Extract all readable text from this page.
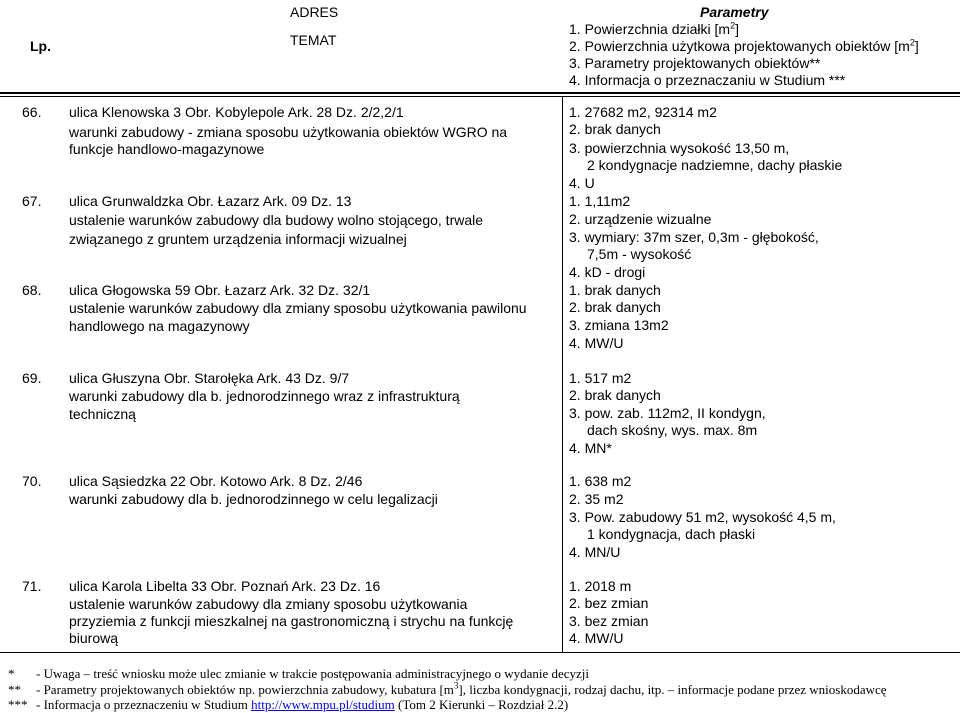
Lp.
ADRES
TEMAT
Parametry
1. Powierzchnia działki $[m^2]$
2. Powierzchnia użytkowa projektowanych obiektów $[m^2]$
3. Parametry projektowanych obiektów**
4. Informacja o przeznaczaniu w Studium ***
66. ulica Klenowska 3 Obr. Kobylepole Ark. 28 Dz. 2/2,2/1
warunki zabudowy - zmiana sposobu użytkowania obiektów WGRO na
funkcje handlowo-magazynowe
1. 27682 m2, 92314 m2
2. brak danych
3. powierzchnia wysokość 13,50 m,
2 kondygnacje nadziemne, dachy płaskie
4. U
67. ulica Grunwaldzka Obr. Łazarz Ark. 09 Dz. 13
ustalenie warunków zabudowy dla budowy wolno stojącego, trwale
związanego z gruntem urządzenia informacji wizualnej
1. 1,11m2
2. urządzenie wizualne
3. wymiary: 37m szer, 0,3m - głębokość,
7,5m - wysokość
4. kD - drogi
68. ulica Głogowska 59 Obr. Łazarz Ark. 32 Dz. 32/1
ustalenie warunków zabudowy dla zmiany sposobu użytkowania pawilonu
handlowego na magazynowy
1. brak danych
2. brak danych
3. zmiana 13m2
4. MW/U
69. ulica Głuszyna Obr. Starołęka Ark. 43 Dz. 9/7
warunki zabudowy dla b. jednorodzinnego wraz z infrastrukturą
techniczną
1. 517 m2
2. brak danych
3. pow. zab. 112m2, II kondygn,
dach skośny, wys. max. 8m
4. MN*
70. ulica Sąsiedzka 22 Obr. Kotowo Ark. 8 Dz. 2/46
warunki zabudowy dla b. jednorodzinnego w celu legalizacji
1. 638 m2
2. 35 m2
3. Pow. zabudowy 51 m2, wysokość 4,5 m,
1 kondygnacja, dach płaski
4. MN/U
71. ulica Karola Libelta 33 Obr. Poznań Ark. 23 Dz. 16
ustalenie warunków zabudowy dla zmiany sposobu użytkowania
przyziemia z funkcji mieszkalnej na gastronomiczną i strychu na funkcję
biurową
1. 2018 m
2. bez zmian
3. bez zmian
4. MW/U
* - Uwaga – treść wniosku może ulec zmianie w trakcie postępowania administracyjnego o wydanie decyzji
** - Parametry projektowanych obiektów np. powierzchnia zabudowy, kubatura $[m^3]$, liczba kondygnacji, rodzaj dachu, itp. – informacje podane przez wnioskodawcę
*** - Informacja o przeznaczeniu w Studium http://www.mpu.pl/studium (Tom 2 Kierunki – Rozdział 2.2)
